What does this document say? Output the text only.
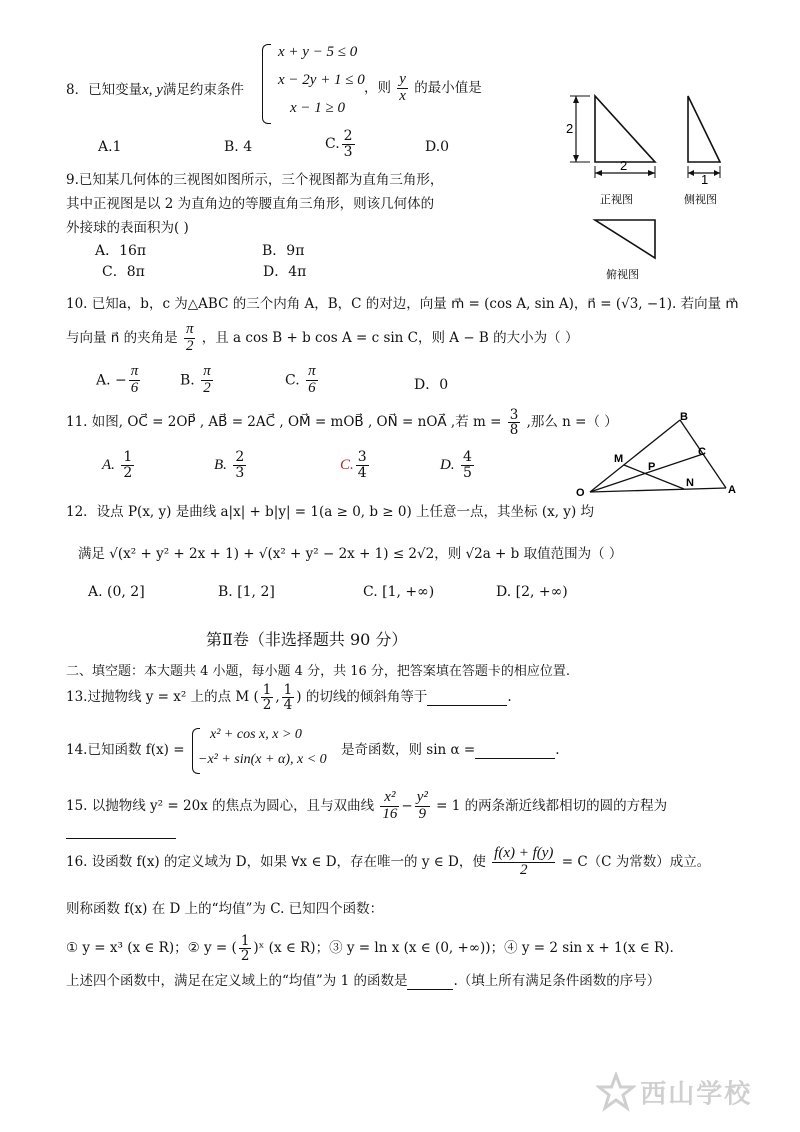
8．已知变量x, y满足约束条件
x + y − 5 ≤ 0
x − 2y + 1 ≤ 0
x − 1 ≥ 0
，则 $\frac{y}{x}$ 的最小值是
A.1	B. 4	C. $\frac{2}{3}$	D.0
2
2
正视图
1
侧视图
俯视图
9.已知某几何体的三视图如图所示，三个视图都为直角三角形，
其中正视图是以 2 为直角边的等腰直角三角形，则该几何体的
外接球的表面积为( )
A．16π	B．9π
C．8π	D．4π
10. 已知a，b，c 为△ABC 的三个内角 A，B，C 的对边，向量 m⃗ = (cos A, sin A)，n⃗ = (√3, −1). 若向量 m⃗
与向量 n⃗ 的夹角是 $\frac{\pi}{2}$ ，且 a cos B + b cos A = c sin C，则 A − B 的大小为（ ）
A. − $\frac{\pi}{6}$	B. $\frac{\pi}{2}$	C. $\frac{\pi}{6}$	D．0
11. 如图, OC⃗ = 2OP⃗ , AB⃗ = 2AC⃗ , OM⃗ = mOB⃗ , ON⃗ = nOA⃗ ,若 $m = \frac{3}{8}$ ,那么 n =（ ）
A. $\frac{1}{2}$	B. $\frac{2}{3}$	C. $\frac{3}{4}$	D. $\frac{4}{5}$
B
M
P
C
N
O	A
12．设点 P(x, y) 是曲线 a|x| + b|y| = 1(a ≥ 0, b ≥ 0) 上任意一点，其坐标 (x, y) 均
满足 √(x² + y² + 2x + 1) + √(x² + y² − 2x + 1) ≤ 2√2，则 √2a + b 取值范围为（ ）
A. (0, 2]	B. [1, 2]	C. [1, +∞)	D. [2, +∞)
第Ⅱ卷（非选择题共 90 分）
二、填空题：本大题共 4 小题，每小题 4 分，共 16 分，把答案填在答题卡的相应位置.
13.过抛物线 y = x² 上的点 M ( $\frac{1}{2}$ , $\frac{1}{4}$ ) 的切线的倾斜角等于	.
14.已知函数 f(x) =
x² + cos x, x > 0
−x² + sin(x + α), x < 0
是奇函数，则 sin α =	.
15. 以抛物线 y² = 20x 的焦点为圆心，且与双曲线 $\frac{\text{x²}}{16} - \frac{\text{y²}}{9} = 1$ 的两条渐近线都相切的圆的方程为
16. 设函数 f(x) 的定义域为 D，如果 ∀x ∈ D，存在唯一的 y ∈ D，使 $\frac{f(x) + f(y)}{2} = C(C$ 为常数）成立。
则称函数 f(x) 在 D 上的“均值”为 C. 已知四个函数：
① y = x³ (x ∈ R)；② y = ( $\frac{1}{2}$ )ˣ (x ∈ R)；③ y = ln x (x ∈ (0, +∞))；④ y = 2 sin x + 1(x ∈ R).
上述四个函数中，满足在定义域上的“均值”为 1 的函数是	.（填上所有满足条件函数的序号）
西山学校
